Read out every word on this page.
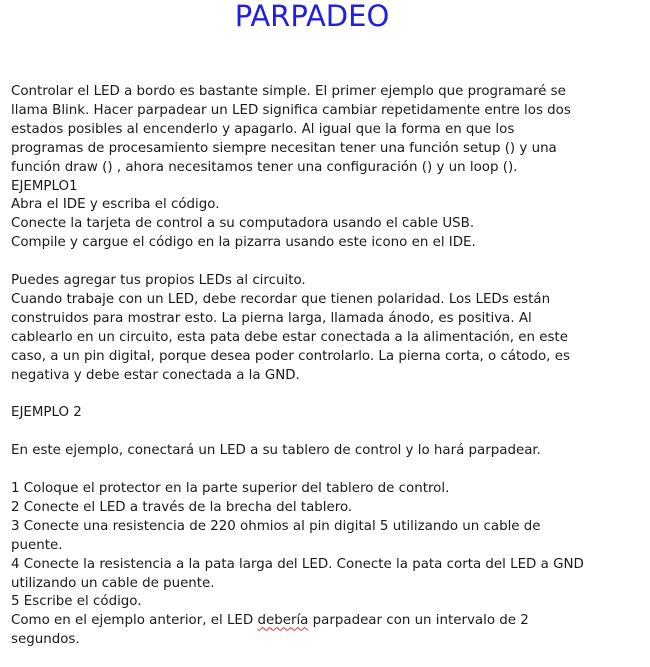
PARPADEO
Controlar el LED a bordo es bastante simple. El primer ejemplo que programaré se
llama Blink. Hacer parpadear un LED significa cambiar repetidamente entre los dos
estados posibles al encenderlo y apagarlo. Al igual que la forma en que los
programas de procesamiento siempre necesitan tener una función setup () y una
función draw () , ahora necesitamos tener una configuración () y un loop ().
EJEMPLO1
Abra el IDE y escriba el código.
Conecte la tarjeta de control a su computadora usando el cable USB.
Compile y cargue el código en la pizarra usando este icono en el IDE.
Puedes agregar tus propios LEDs al circuito.
Cuando trabaje con un LED, debe recordar que tienen polaridad. Los LEDs están
construidos para mostrar esto. La pierna larga, llamada ánodo, es positiva. Al
cablearlo en un circuito, esta pata debe estar conectada a la alimentación, en este
caso, a un pin digital, porque desea poder controlarlo. La pierna corta, o cátodo, es
negativa y debe estar conectada a la GND.
EJEMPLO 2
En este ejemplo, conectará un LED a su tablero de control y lo hará parpadear.
1 Coloque el protector en la parte superior del tablero de control.
2 Conecte el LED a través de la brecha del tablero.
3 Conecte una resistencia de 220 ohmios al pin digital 5 utilizando un cable de
puente.
4 Conecte la resistencia a la pata larga del LED. Conecte la pata corta del LED a GND
utilizando un cable de puente.
5 Escribe el código.
Como en el ejemplo anterior, el LED debería parpadear con un intervalo de 2
segundos.
